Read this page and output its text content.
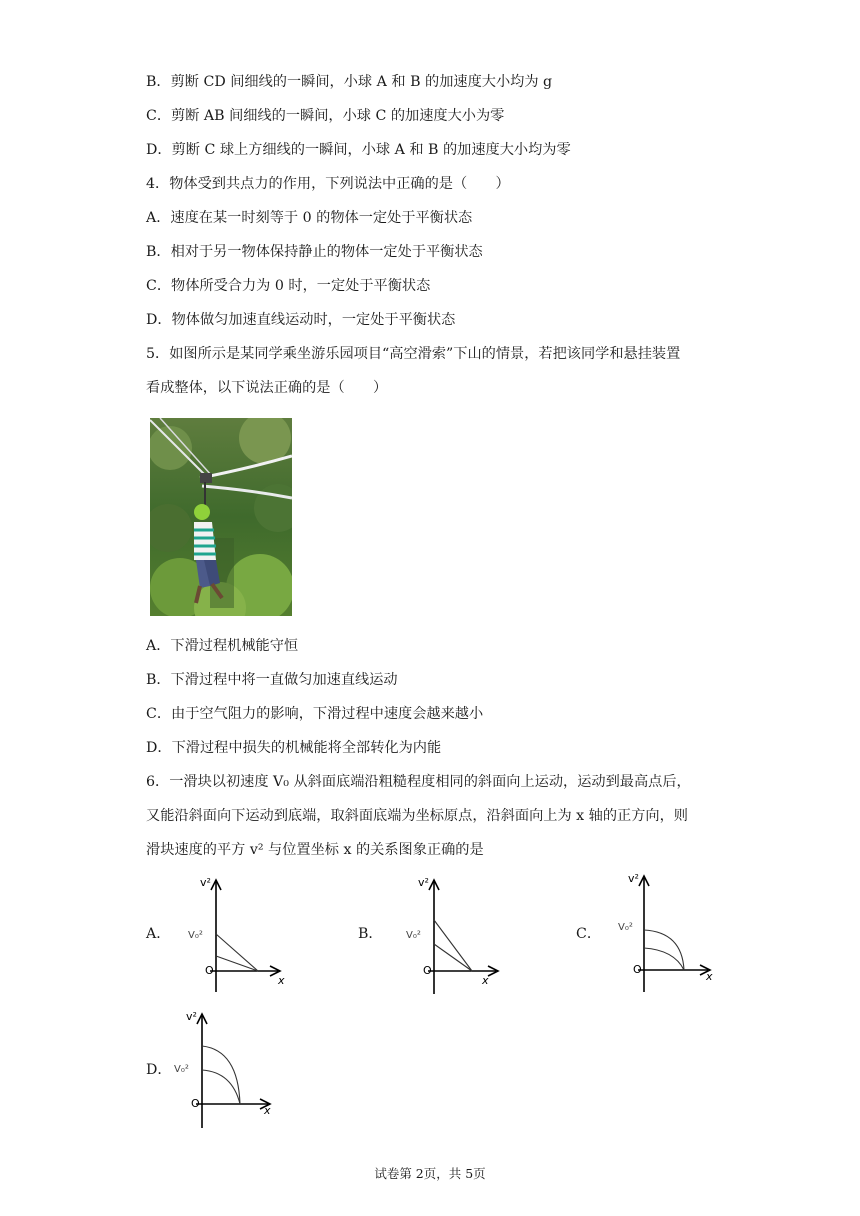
B．剪断 CD 间细线的一瞬间，小球 A 和 B 的加速度大小均为 g
C．剪断 AB 间细线的一瞬间，小球 C 的加速度大小为零
D．剪断 C 球上方细线的一瞬间，小球 A 和 B 的加速度大小均为零
4．物体受到共点力的作用，下列说法中正确的是（　　）
A．速度在某一时刻等于 0 的物体一定处于平衡状态
B．相对于另一物体保持静止的物体一定处于平衡状态
C．物体所受合力为 0 时，一定处于平衡状态
D．物体做匀加速直线运动时，一定处于平衡状态
5．如图所示是某同学乘坐游乐园项目“高空滑索”下山的情景，若把该同学和悬挂装置
看成整体，以下说法正确的是（　　）
A．下滑过程机械能守恒
B．下滑过程中将一直做匀加速直线运动
C．由于空气阻力的影响，下滑过程中速度会越来越小
D．下滑过程中损失的机械能将全部转化为内能
6．一滑块以初速度 V₀ 从斜面底端沿粗糙程度相同的斜面向上运动，运动到最高点后，
又能沿斜面向下运动到底端，取斜面底端为坐标原点，沿斜面向上为 x 轴的正方向，则
滑块速度的平方 v² 与位置坐标 x 的关系图象正确的是
A．
v²
V₀²
O
x
B．
v²
V₀²
O
x
C．
v²
V₀²
O
x
D．
v²
V₀²
O
x
试卷第 2页，共 5页
